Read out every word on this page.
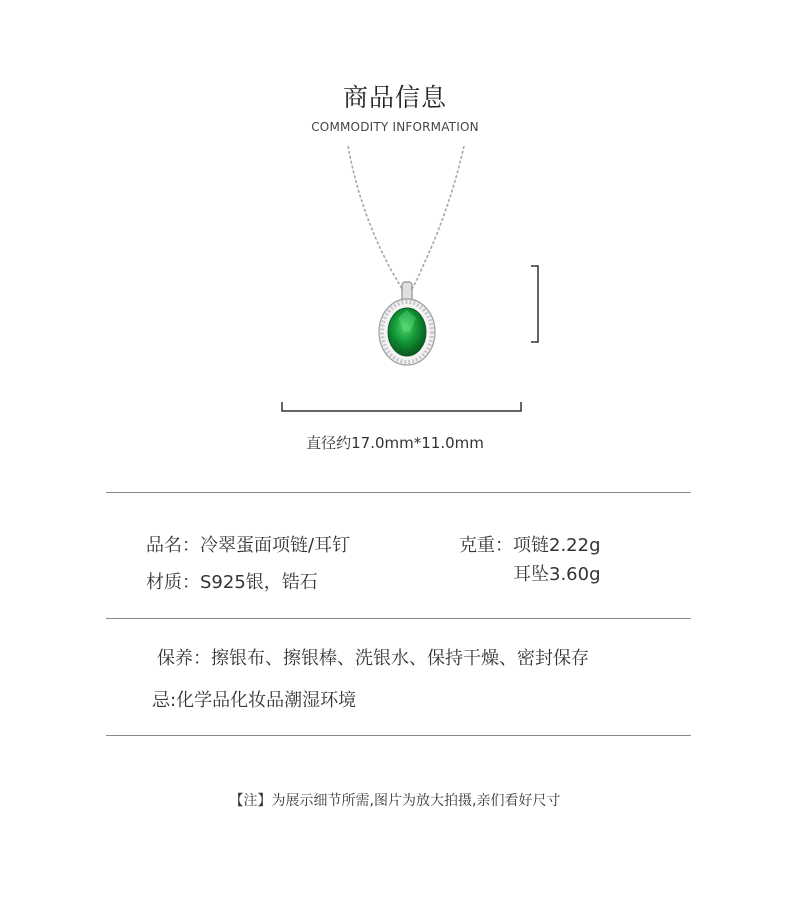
商品信息
COMMODITY INFORMATION
直径约17.0mm*11.0mm
品名：冷翠蛋面项链/耳钉
材质：S925银，锆石
克重：项链2.22g
耳坠3.60g
保养：擦银布、擦银棒、洗银水、保持干燥、密封保存
忌:化学品化妆品潮湿环境
【注】为展示细节所需,图片为放大拍摄,亲们看好尺寸
